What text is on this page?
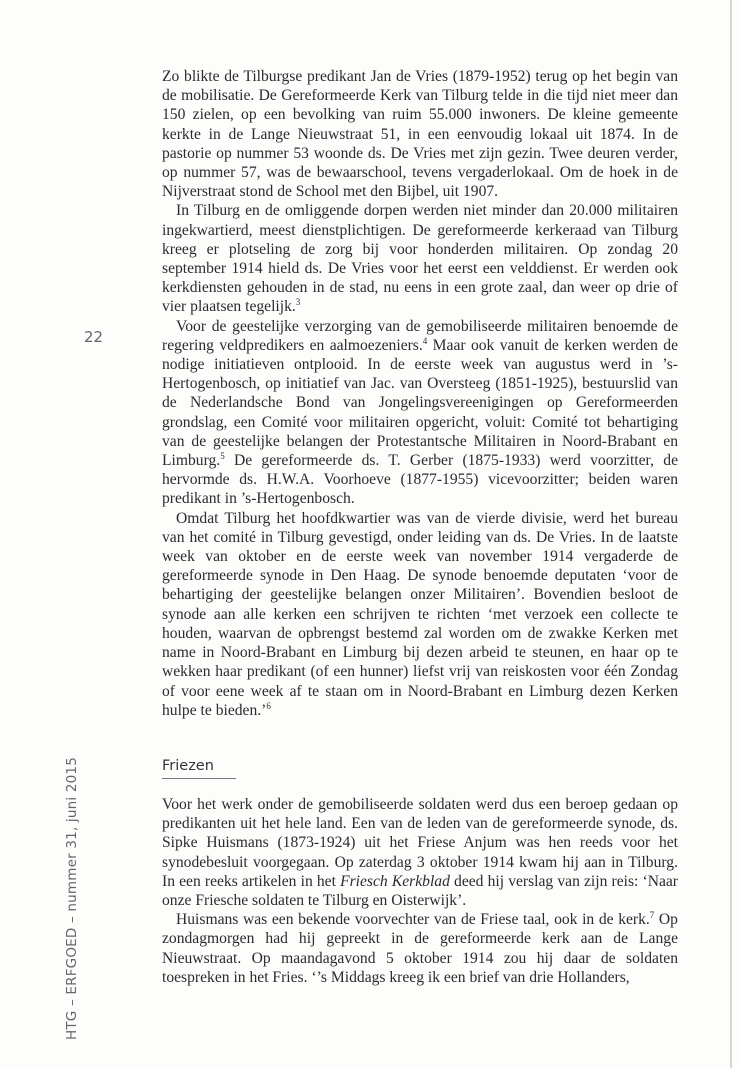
22
HTG – ERFGOED – nummer 31, juni 2015

Zo blikte de Tilburgse predikant Jan de Vries (1879-1952) terug op het begin van de mobilisatie. De Gereformeerde Kerk van Tilburg telde in die tijd niet meer dan 150 zielen, op een bevolking van ruim 55.000 inwoners. De kleine gemeente kerkte in de Lange Nieuwstraat 51, in een eenvoudig lokaal uit 1874. In de pastorie op nummer 53 woonde ds. De Vries met zijn gezin. Twee deuren verder, op nummer 57, was de bewaarschool, tevens vergaderlokaal. Om de hoek in de Nijverstraat stond de School met den Bijbel, uit 1907.

In Tilburg en de omliggende dorpen werden niet minder dan 20.000 militairen ingekwartierd, meest dienstplichtigen. De gereformeerde kerkeraad van Tilburg kreeg er plotseling de zorg bij voor honderden militairen. Op zondag 20 september 1914 hield ds. De Vries voor het eerst een velddienst. Er werden ook kerkdiensten gehouden in de stad, nu eens in een grote zaal, dan weer op drie of vier plaatsen tegelijk.$^3$

Voor de geestelijke verzorging van de gemobiliseerde militairen benoemde de regering veldpredikers en aalmoezeniers.$^4$ Maar ook vanuit de kerken werden de nodige initiatieven ontplooid. In de eerste week van augustus werd in ’s-Hertogenbosch, op initiatief van Jac. van Oversteeg (1851-1925), bestuurslid van de Nederlandsche Bond van Jongelingsvereenigingen op Gereformeerden grondslag, een Comité voor militairen opgericht, voluit: Comité tot behartiging van de geestelijke belangen der Protestantsche Militairen in Noord-Brabant en Limburg.$^5$ De gereformeerde ds. T. Gerber (1875-1933) werd voorzitter, de hervormde ds. H.W.A. Voorhoeve (1877-1955) vicevoorzitter; beiden waren predikant in ’s-Hertogenbosch.

Omdat Tilburg het hoofdkwartier was van de vierde divisie, werd het bureau van het comité in Tilburg gevestigd, onder leiding van ds. De Vries. In de laatste week van oktober en de eerste week van november 1914 vergaderde de gereformeerde synode in Den Haag. De synode benoemde deputaten ‘voor de behartiging der geestelijke belangen onzer Militairen’. Bovendien besloot de synode aan alle kerken een schrijven te richten ‘met verzoek een collecte te houden, waarvan de opbrengst bestemd zal worden om de zwakke Kerken met name in Noord-Brabant en Limburg bij dezen arbeid te steunen, en haar op te wekken haar predikant (of een hunner) liefst vrij van reiskosten voor één Zondag of voor eene week af te staan om in Noord-Brabant en Limburg dezen Kerken hulpe te bieden.’$^6$

Friezen

Voor het werk onder de gemobiliseerde soldaten werd dus een beroep gedaan op predikanten uit het hele land. Een van de leden van de gereformeerde synode, ds. Sipke Huismans (1873-1924) uit het Friese Anjum was hen reeds voor het synodebesluit voorgegaan. Op zaterdag 3 oktober 1914 kwam hij aan in Tilburg. In een reeks artikelen in het Friesch Kerkblad deed hij verslag van zijn reis: ‘Naar onze Friesche soldaten te Tilburg en Oisterwijk’.

Huismans was een bekende voorvechter van de Friese taal, ook in de kerk.$^7$ Op zondagmorgen had hij gepreekt in de gereformeerde kerk aan de Lange Nieuwstraat. Op maandagavond 5 oktober 1914 zou hij daar de soldaten toespreken in het Fries. ‘’s Middags kreeg ik een brief van drie Hollanders,
